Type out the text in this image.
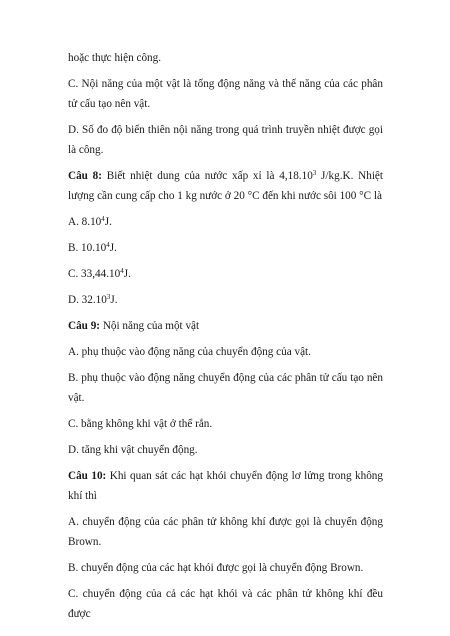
hoặc thực hiện công.

C. Nội năng của một vật là tổng động năng và thế năng của các phân tử cấu tạo nên vật.

D. Số đo độ biến thiên nội năng trong quá trình truyền nhiệt được gọi là công.

Câu 8: Biết nhiệt dung của nước xấp xỉ là 4,18.10$^3$ J/kg.K. Nhiệt lượng cần cung cấp cho 1 kg nước ở 20 °C đến khi nước sôi 100 °C là

A. 8.10$^4$J.

B. 10.10$^4$J.

C. 33,44.10$^4$J.

D. 32.10$^3$J.

Câu 9: Nội năng của một vật

A. phụ thuộc vào động năng của chuyển động của vật.

B. phụ thuộc vào động năng chuyển động của các phân tử cấu tạo nên vật.

C. bằng không khi vật ở thể rắn.

D. tăng khi vật chuyển động.

Câu 10: Khi quan sát các hạt khói chuyển động lơ lửng trong không khí thì

A. chuyển động của các phân tử không khí được gọi là chuyển động Brown.

B. chuyển động của các hạt khói được gọi là chuyển động Brown.

C. chuyển động của cả các hạt khói và các phân tử không khí đều được
